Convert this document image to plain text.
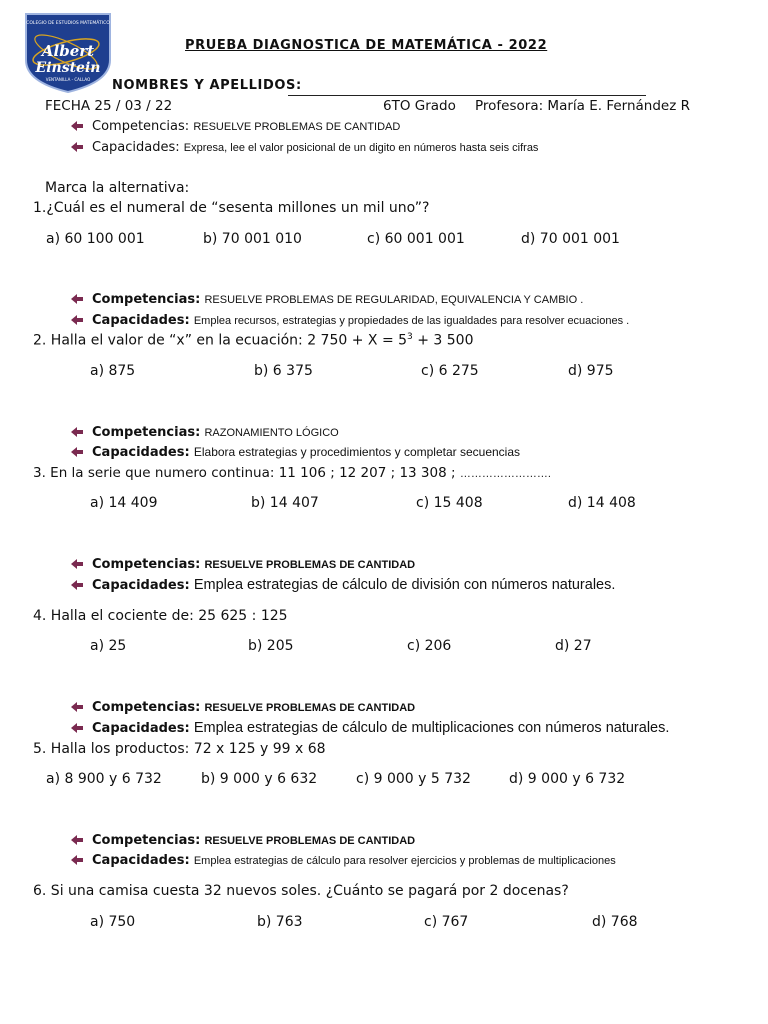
COLEGIO DE ESTUDIOS MATEMÁTICO
Albert
Einstein
VENTANILLA - CALLAO
PRUEBA DIAGNOSTICA DE MATEMÁTICA - 2022
NOMBRES Y APELLIDOS:
FECHA 25 / 03 / 22	6TO Grado Profesora: María E. Fernández R
Competencias: RESUELVE PROBLEMAS DE CANTIDAD
Capacidades: Expresa, lee el valor posicional de un digito en números hasta seis cifras
Marca la alternativa:
1.¿Cuál es el numeral de “sesenta millones un mil uno”?
a) 60 100 001	b) 70 001 010	c) 60 001 001	d) 70 001 001
Competencias: RESUELVE PROBLEMAS DE REGULARIDAD, EQUIVALENCIA Y CAMBIO .
Capacidades: Emplea recursos, estrategias y propiedades de las igualdades para resolver ecuaciones .
2. Halla el valor de “x” en la ecuación: 2 $750 + X = 5^3 + 3$ 500
a) 875	b) 6 375	c) 6 275	d) 975
Competencias: RAZONAMIENTO LÓGICO
Capacidades: Elabora estrategias y procedimientos y completar secuencias
3. En la serie que numero continua: 11 106 ; 12 207 ; 13 308 ; …………………….
a) 14 409	b) 14 407	c) 15 408	d) 14 408
Competencias: RESUELVE PROBLEMAS DE CANTIDAD
Capacidades: Emplea estrategias de cálculo de división con números naturales.
4. Halla el cociente de: 25 625 : 125
a) 25	b) 205	c) 206	d) 27
Competencias: RESUELVE PROBLEMAS DE CANTIDAD
Capacidades: Emplea estrategias de cálculo de multiplicaciones con números naturales.
5. Halla los productos: 72 x 125 y 99 x 68
a) 8 900 y 6 732	b) 9 000 y 6 632	c) 9 000 y 5 732	d) 9 000 y 6 732
Competencias: RESUELVE PROBLEMAS DE CANTIDAD
Capacidades: Emplea estrategias de cálculo para resolver ejercicios y problemas de multiplicaciones
6. Si una camisa cuesta 32 nuevos soles. ¿Cuánto se pagará por 2 docenas?
a) 750	b) 763	c) 767	d) 768
